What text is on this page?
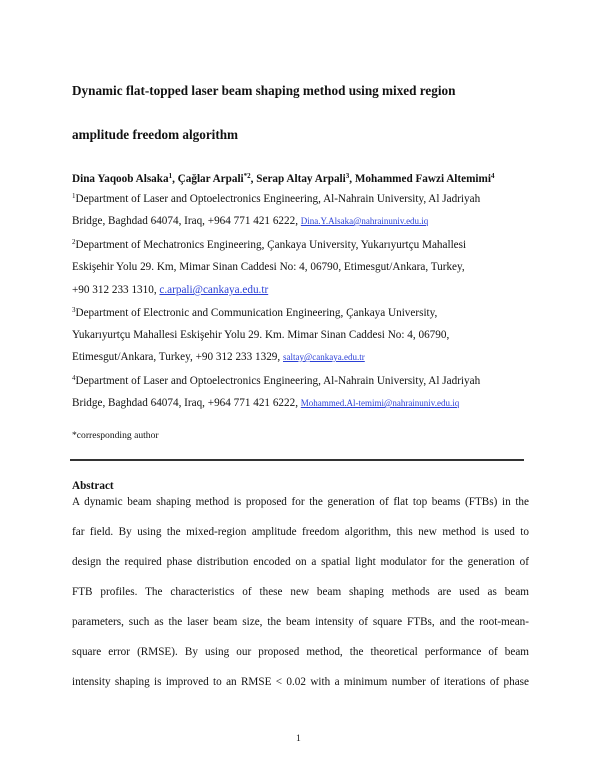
Dynamic flat-topped laser beam shaping method using mixed region
amplitude freedom algorithm
Dina Yaqoob Alsaka$^1$, Çağlar Arpali$^{*2}$, Serap Altay Arpali$^3$, Mohammed Fawzi Altemimi$^4$
$^1$Department of Laser and Optoelectronics Engineering, Al-Nahrain University, Al Jadriyah
Bridge, Baghdad 64074, Iraq, +964 771 421 6222, Dina.Y.Alsaka@nahrainuniv.edu.iq
$^2$Department of Mechatronics Engineering, Çankaya University, Yukarıyurtçu Mahallesi
Eskişehir Yolu 29. Km, Mimar Sinan Caddesi No: 4, 06790, Etimesgut/Ankara, Turkey,
+90 312 233 1310, c.arpali@cankaya.edu.tr
$^3$Department of Electronic and Communication Engineering, Çankaya University,
Yukarıyurtçu Mahallesi Eskişehir Yolu 29. Km. Mimar Sinan Caddesi No: 4, 06790,
Etimesgut/Ankara, Turkey, +90 312 233 1329, saltay@cankaya.edu.tr
$^4$Department of Laser and Optoelectronics Engineering, Al-Nahrain University, Al Jadriyah
Bridge, Baghdad 64074, Iraq, +964 771 421 6222, Mohammed.Al-temimi@nahrainuniv.edu.iq
*corresponding author
Abstract
A dynamic beam shaping method is proposed for the generation of flat top beams (FTBs) in the
far field. By using the mixed-region amplitude freedom algorithm, this new method is used to
design the required phase distribution encoded on a spatial light modulator for the generation of
FTB profiles. The characteristics of these new beam shaping methods are used as beam
parameters, such as the laser beam size, the beam intensity of square FTBs, and the root-mean-
square error (RMSE). By using our proposed method, the theoretical performance of beam
intensity shaping is improved to an RMSE < 0.02 with a minimum number of iterations of phase
1
